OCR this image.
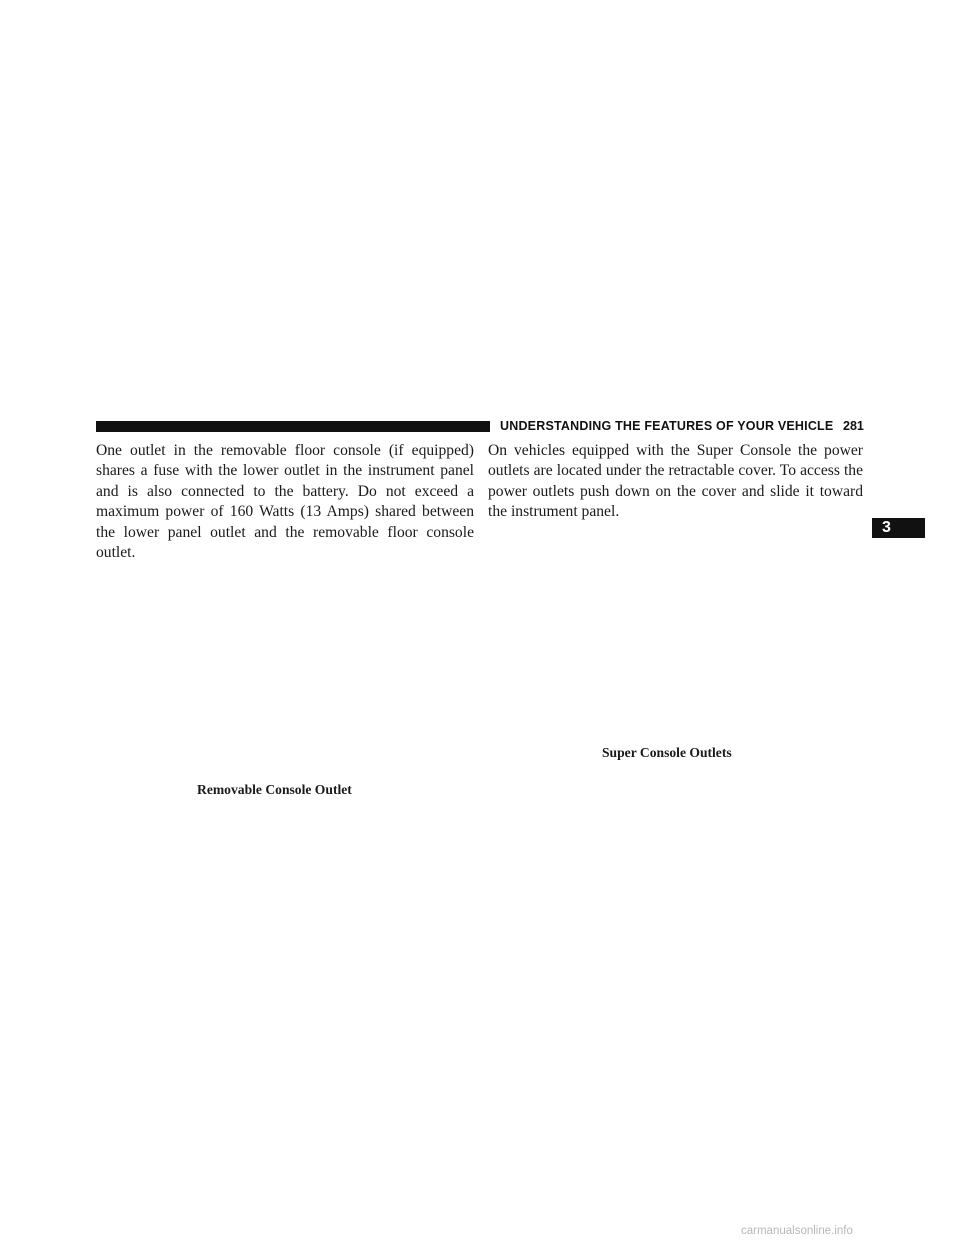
UNDERSTANDING THE FEATURES OF YOUR VEHICLE 281
One outlet in the removable floor console (if equipped) shares a fuse with the lower outlet in the instrument panel and is also connected to the battery. Do not exceed a maximum power of 160 Watts (13 Amps) shared between the lower panel outlet and the removable floor console outlet.
Removable Console Outlet
On vehicles equipped with the Super Console the power outlets are located under the retractable cover. To access the power outlets push down on the cover and slide it toward the instrument panel.
Super Console Outlets
3
carmanualsonline.info
